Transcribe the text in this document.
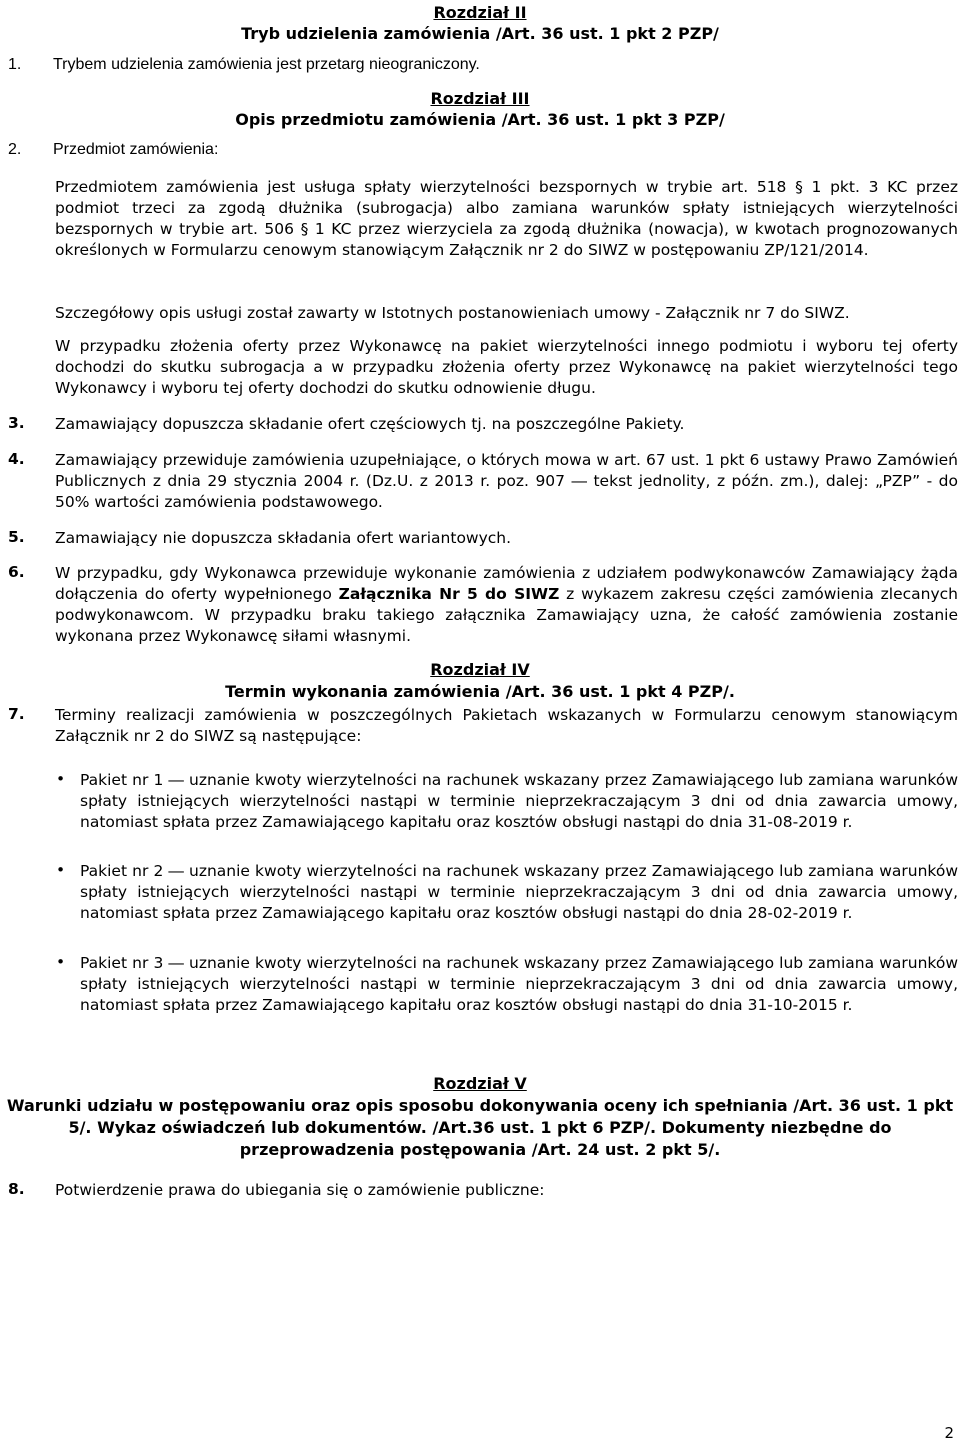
Rozdział II
Tryb udzielenia zamówienia /Art. 36 ust. 1 pkt 2 PZP/
1. Trybem udzielenia zamówienia jest przetarg nieograniczony.
Rozdział III
Opis przedmiotu zamówienia /Art. 36 ust. 1 pkt 3 PZP/
2. Przedmiot zamówienia:
Przedmiotem zamówienia jest usługa spłaty wierzytelności bezspornych w trybie art. 518 § 1 pkt. 3 KC przez podmiot trzeci za zgodą dłużnika (subrogacja) albo zamiana warunków spłaty istniejących wierzytelności bezspornych w trybie art. 506 § 1 KC przez wierzyciela za zgodą dłużnika (nowacja), w kwotach prognozowanych określonych w Formularzu cenowym stanowiącym Załącznik nr 2 do SIWZ w postępowaniu ZP/121/2014.
Szczegółowy opis usługi został zawarty w Istotnych postanowieniach umowy - Załącznik nr 7 do SIWZ.
W przypadku złożenia oferty przez Wykonawcę na pakiet wierzytelności innego podmiotu i wyboru tej oferty dochodzi do skutku subrogacja a w przypadku złożenia oferty przez Wykonawcę na pakiet wierzytelności tego Wykonawcy i wyboru tej oferty dochodzi do skutku odnowienie długu.
3. Zamawiający dopuszcza składanie ofert częściowych tj. na poszczególne Pakiety.
4. Zamawiający przewiduje zamówienia uzupełniające, o których mowa w art. 67 ust. 1 pkt 6 ustawy Prawo Zamówień Publicznych z dnia 29 stycznia 2004 r. (Dz.U. z 2013 r. poz. 907 ― tekst jednolity, z późn. zm.), dalej: „PZP” - do 50% wartości zamówienia podstawowego.
5. Zamawiający nie dopuszcza składania ofert wariantowych.
6. W przypadku, gdy Wykonawca przewiduje wykonanie zamówienia z udziałem podwykonawców Zamawiający żąda dołączenia do oferty wypełnionego Załącznika Nr 5 do SIWZ z wykazem zakresu części zamówienia zlecanych podwykonawcom. W przypadku braku takiego załącznika Zamawiający uzna, że całość zamówienia zostanie wykonana przez Wykonawcę siłami własnymi.
Rozdział IV
Termin wykonania zamówienia /Art. 36 ust. 1 pkt 4 PZP/.
7. Terminy realizacji zamówienia w poszczególnych Pakietach wskazanych w Formularzu cenowym stanowiącym Załącznik nr 2 do SIWZ są następujące:
• Pakiet nr 1 ― uznanie kwoty wierzytelności na rachunek wskazany przez Zamawiającego lub zamiana warunków spłaty istniejących wierzytelności nastąpi w terminie nieprzekraczającym 3 dni od dnia zawarcia umowy, natomiast spłata przez Zamawiającego kapitału oraz kosztów obsługi nastąpi do dnia 31-08-2019 r.
• Pakiet nr 2 ― uznanie kwoty wierzytelności na rachunek wskazany przez Zamawiającego lub zamiana warunków spłaty istniejących wierzytelności nastąpi w terminie nieprzekraczającym 3 dni od dnia zawarcia umowy, natomiast spłata przez Zamawiającego kapitału oraz kosztów obsługi nastąpi do dnia 28-02-2019 r.
• Pakiet nr 3 ― uznanie kwoty wierzytelności na rachunek wskazany przez Zamawiającego lub zamiana warunków spłaty istniejących wierzytelności nastąpi w terminie nieprzekraczającym 3 dni od dnia zawarcia umowy, natomiast spłata przez Zamawiającego kapitału oraz kosztów obsługi nastąpi do dnia 31-10-2015 r.
Rozdział V
Warunki udziału w postępowaniu oraz opis sposobu dokonywania oceny ich spełniania /Art. 36 ust. 1 pkt 5/. Wykaz oświadczeń lub dokumentów. /Art.36 ust. 1 pkt 6 PZP/. Dokumenty niezbędne do przeprowadzenia postępowania /Art. 24 ust. 2 pkt 5/.
8. Potwierdzenie prawa do ubiegania się o zamówienie publiczne:
2
